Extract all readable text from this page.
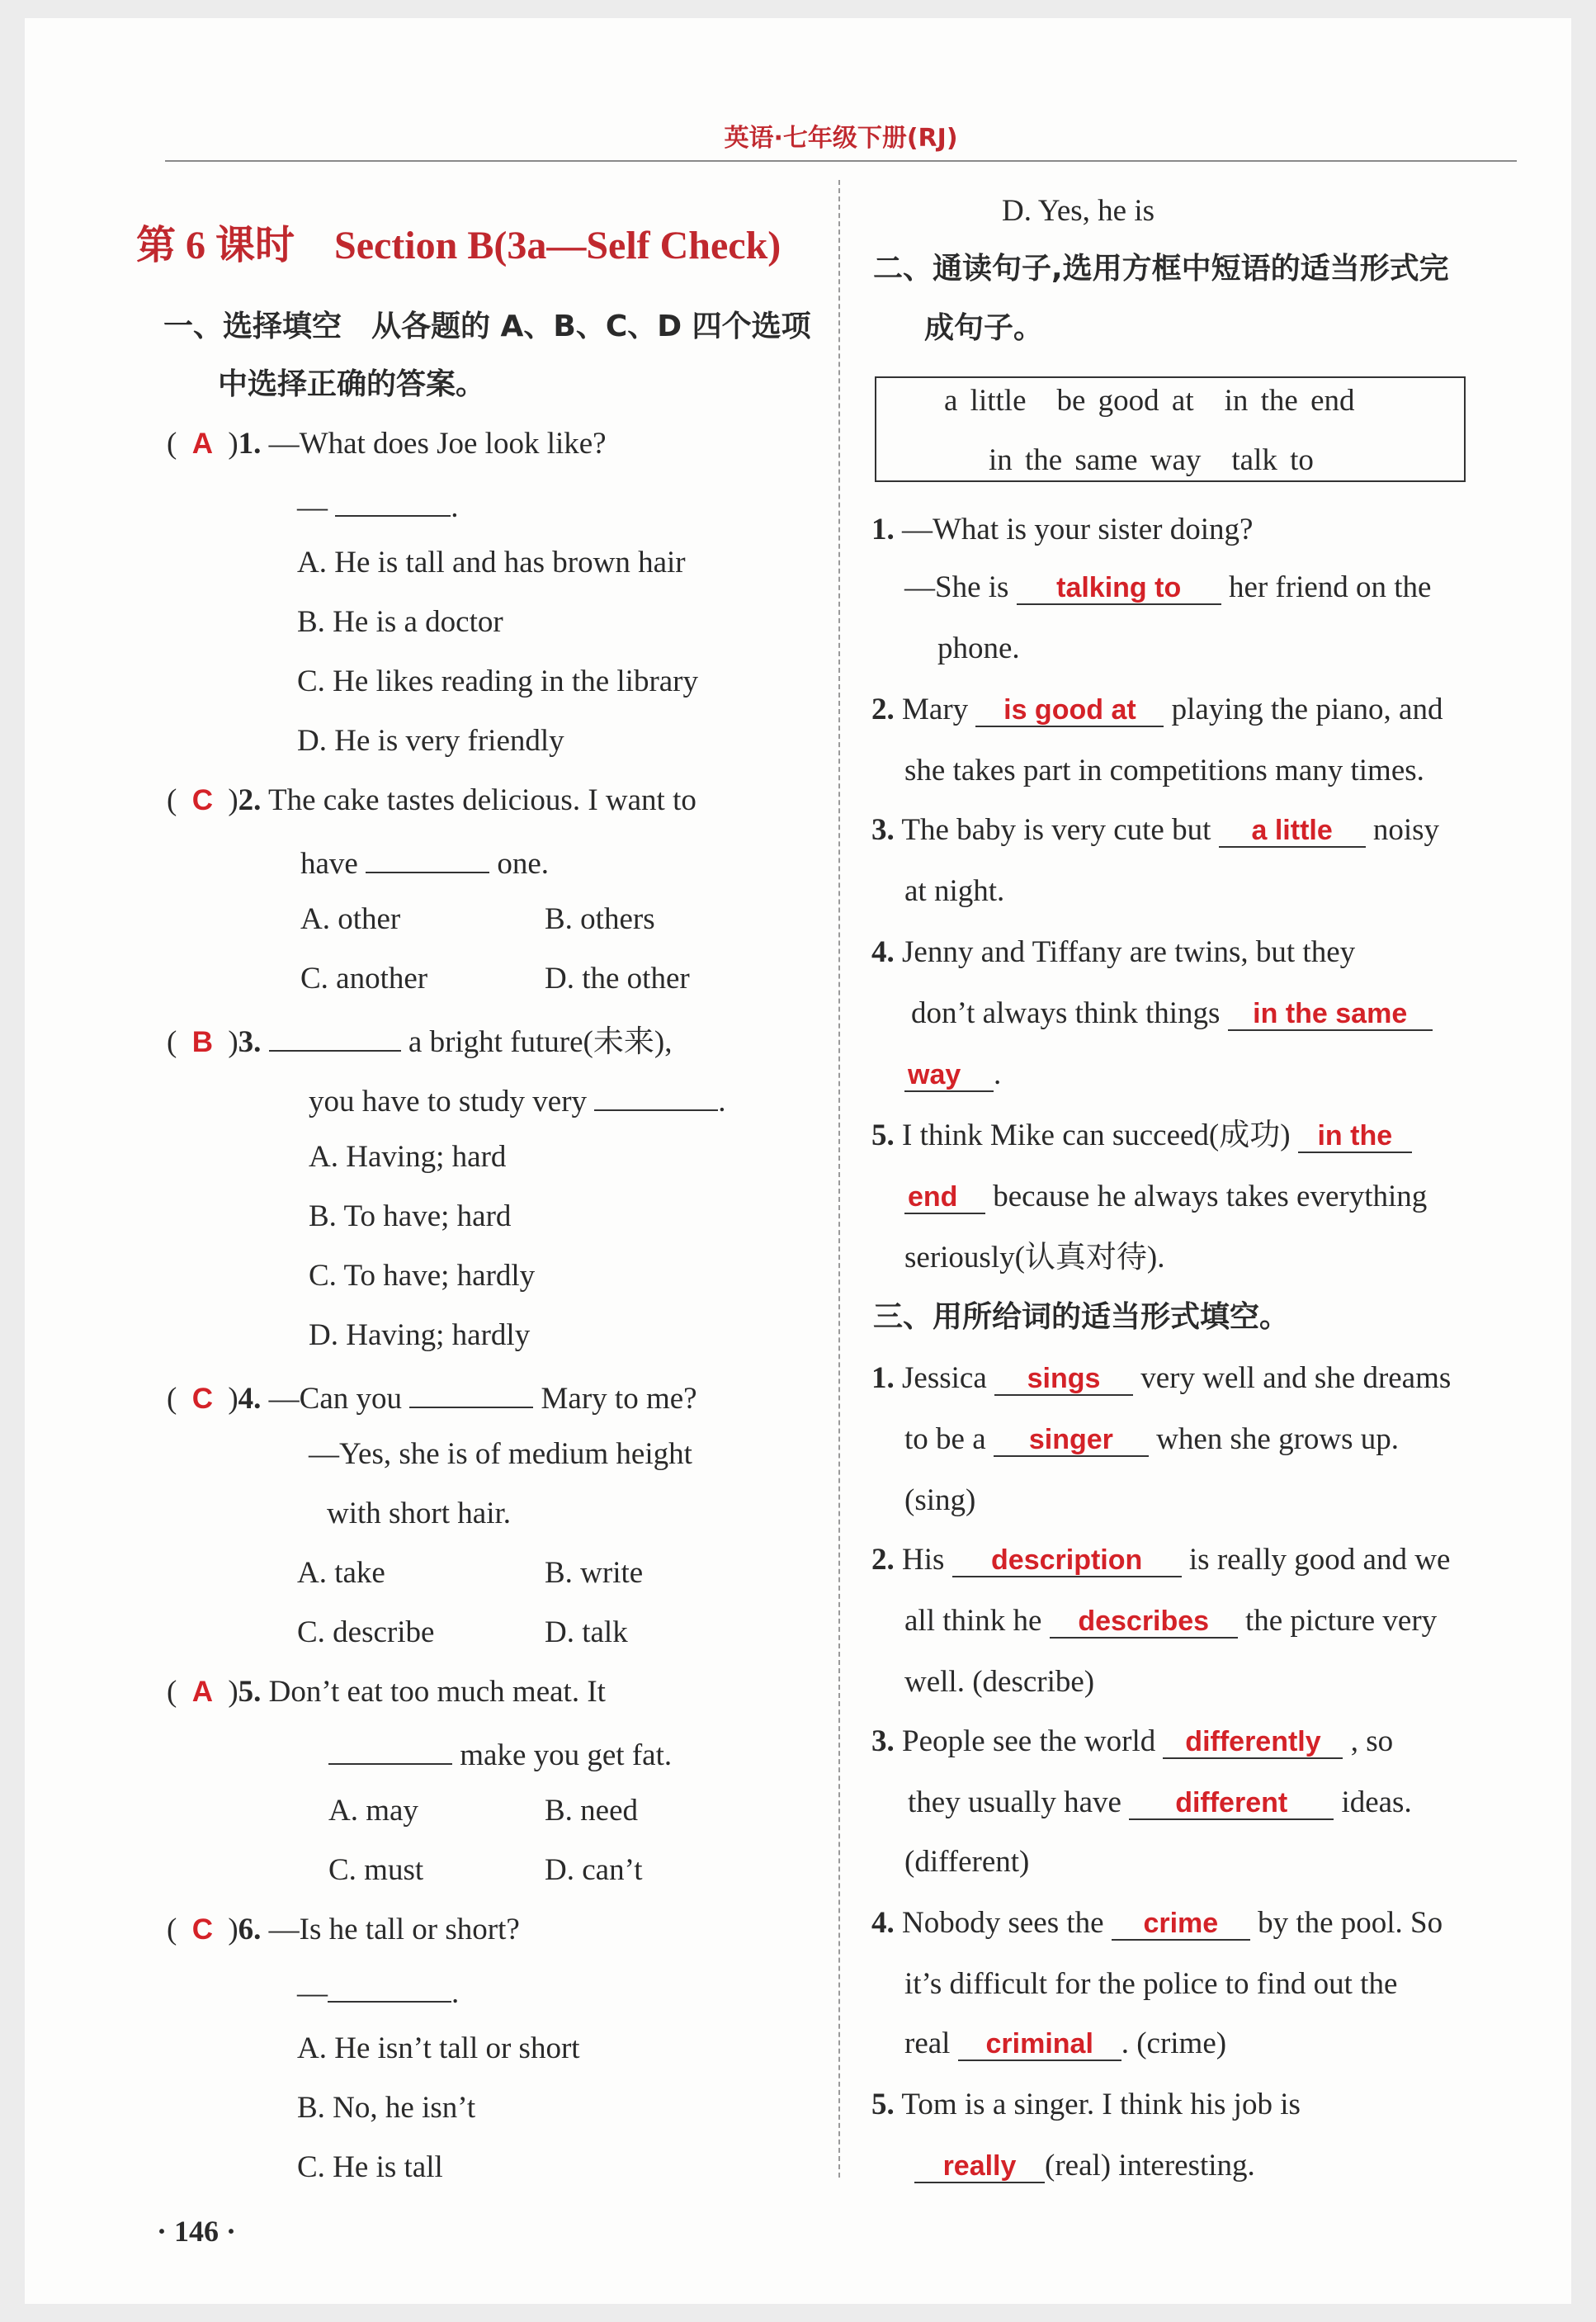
英语·七年级下册(RJ)
第 6 课时　Section B(3a—Self Check)
一、选择填空　从各题的 A、B、C、D 四个选项
中选择正确的答案。
( A )1. —What does Joe look like?
—	.
A. He is tall and has brown hair
B. He is a doctor
C. He likes reading in the library
D. He is very friendly
( C )2. The cake tastes delicious. I want to
have	one.
A. other	B. others
C. another	D. the other
( B )3.	a bright future(未来),
you have to study very	.
A. Having; hard
B. To have; hard
C. To have; hardly
D. Having; hardly
( C )4. —Can you	Mary to me?
—Yes, she is of medium height
with short hair.
A. take	B. write
C. describe	D. talk
( A )5. Don’t eat too much meat. It
make you get fat.
A. may	B. need
C. must	D. can’t
( C )6. —Is he tall or short?
—	.
A. He isn’t tall or short
B. No, he isn’t
C. He is tall
D. Yes, he is
二、通读句子,选用方框中短语的适当形式完
成句子。
a little　be good at　in the end
in the same way　talk to
1. —What is your sister doing?
—She is talking to her friend on the
phone.
2. Mary is good at playing the piano, and
she takes part in competitions many times.
3. The baby is very cute but a little noisy
at night.
4. Jenny and Tiffany are twins, but they
don’t always think things in the same
way .
5. I think Mike can succeed(成功) in the
end because he always takes everything
seriously(认真对待).
三、用所给词的适当形式填空。
1. Jessica sings very well and she dreams
to be a singer when she grows up.
(sing)
2. His description is really good and we
all think he describes the picture very
well. (describe)
3. People see the world differently , so
they usually have different ideas.
(different)
4. Nobody sees the crime by the pool. So
it’s difficult for the police to find out the
real criminal . (crime)
5. Tom is a singer. I think his job is
really (real) interesting.
· 146 ·
